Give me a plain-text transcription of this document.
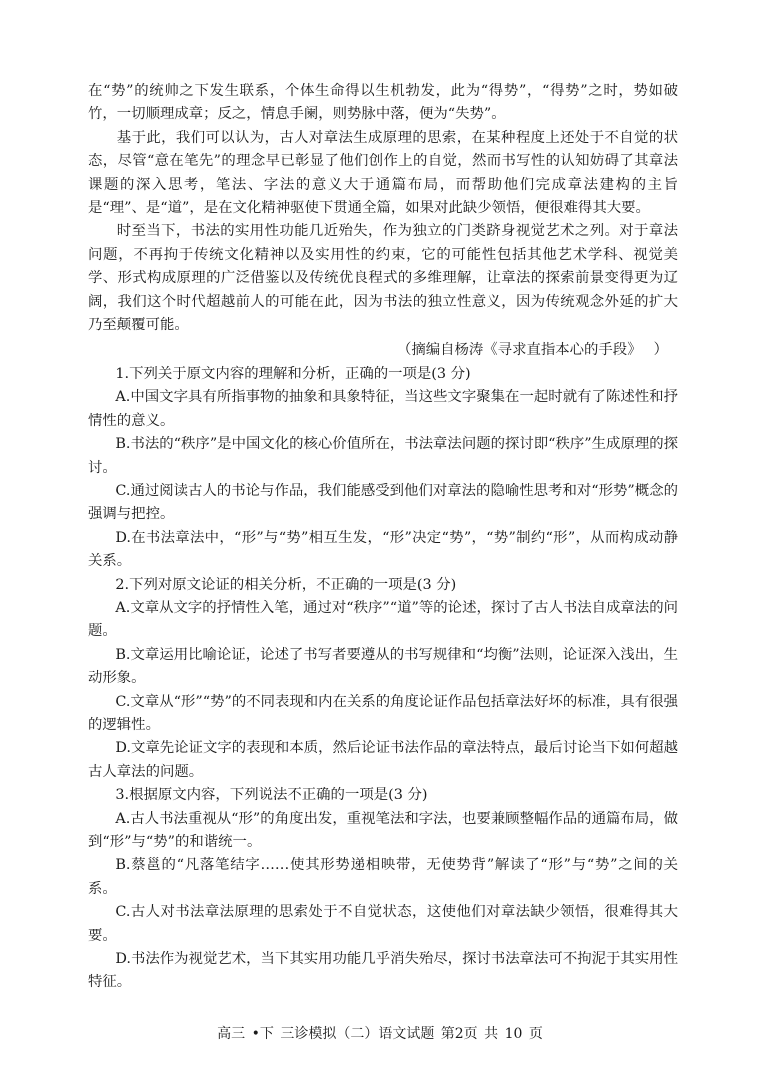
在“势”的统帅之下发生联系，个体生命得以生机勃发，此为“得势”，“得势”之时，势如破竹，一切顺理成章；反之，情息手阑，则势脉中落，便为“失势”。

基于此，我们可以认为，古人对章法生成原理的思索，在某种程度上还处于不自觉的状态，尽管“意在笔先”的理念早已彰显了他们创作上的自觉，然而书写性的认知妨碍了其章法课题的深入思考，笔法、字法的意义大于通篇布局，而帮助他们完成章法建构的主旨是“理”、是“道”，是在文化精神驱使下贯通全篇，如果对此缺少领悟，便很难得其大要。

时至当下，书法的实用性功能几近殆失，作为独立的门类跻身视觉艺术之列。对于章法问题，不再拘于传统文化精神以及实用性的约束，它的可能性包括其他艺术学科、视觉美学、形式构成原理的广泛借鉴以及传统优良程式的多维理解，让章法的探索前景变得更为辽阔，我们这个时代超越前人的可能在此，因为书法的独立性意义，因为传统观念外延的扩大乃至颠覆可能。

（摘编自杨涛《寻求直指本心的手段》 ）

1.下列关于原文内容的理解和分析，正确的一项是(3 分)

A.中国文字具有所指事物的抽象和具象特征，当这些文字聚集在一起时就有了陈述性和抒情性的意义。

B.书法的“秩序”是中国文化的核心价值所在，书法章法问题的探讨即“秩序”生成原理的探讨。

C.通过阅读古人的书论与作品，我们能感受到他们对章法的隐喻性思考和对“形势”概念的强调与把控。

D.在书法章法中，“形”与“势”相互生发，“形”决定“势”，“势”制约“形”，从而构成动静关系。

2.下列对原文论证的相关分析，不正确的一项是(3 分)

A.文章从文字的抒情性入笔，通过对“秩序”“道”等的论述，探讨了古人书法自成章法的问题。

B.文章运用比喻论证，论述了书写者要遵从的书写规律和“均衡”法则，论证深入浅出，生动形象。

C.文章从“形”“势”的不同表现和内在关系的角度论证作品包括章法好坏的标准，具有很强的逻辑性。

D.文章先论证文字的表现和本质，然后论证书法作品的章法特点，最后讨论当下如何超越古人章法的问题。

3.根据原文内容，下列说法不正确的一项是(3 分)

A.古人书法重视从“形”的角度出发，重视笔法和字法，也要兼顾整幅作品的通篇布局，做到“形”与“势”的和谐统一。

B.蔡邕的“凡落笔结字……使其形势递相映带，无使势背”解读了“形”与“势”之间的关系。

C.古人对书法章法原理的思索处于不自觉状态，这使他们对章法缺少领悟，很难得其大要。

D.书法作为视觉艺术，当下其实用功能几乎消失殆尽，探讨书法章法可不拘泥于其实用性特征。

高三 •下 三诊模拟（二）语文试题 第2页 共 10 页
